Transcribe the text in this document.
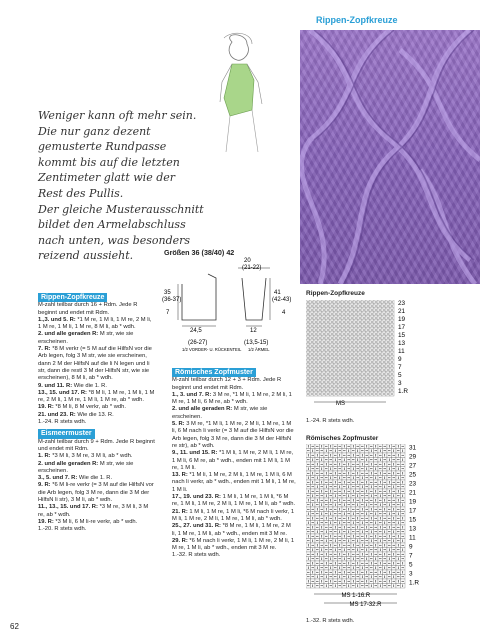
Rippen-Zopfkreuze
Weniger kann oft mehr sein.
Die nur ganz dezent
gemusterte Rundpasse
kommt bis auf die letzten
Zentimeter glatt wie der
Rest des Pullis.
Der gleiche Musterausschnitt
bildet den Armelabschluss
nach unten, was besonders
reizend aussieht.	Größen 36 (38/40) 42
20
(21-22)
35
(36-37)
7
24,5
41
(42-43)
4
12
(26-27)
1/2 VORDER- U. RÜCKENTEIL
(13,5-15)
1/2 ÄRMEL
Rippen-Zopfkreuze

M-zahl teilbar durch 16 + Rdm. Jede R beginnt und endet mit Rdm.

1.,3. und 5. R: *1 M re, 1 M li, 1 M re, 2 M li, 1 M re, 1 M li, 1 M re, 8 M li, ab * wdh.

2. und alle geraden R: M str, wie sie erscheinen.

7. R: *8 M verkr (= 5 M auf die HilfsN vor die Arb legen, folg 3 M str, wie sie erscheinen, dann 2 M der HilfsN auf die li N legen und li str, dann die restl 3 M der HilfsN str, wie sie erscheinen), 8 M li, ab * wdh.

9. und 11. R: Wie die 1. R.

13., 15. und 17. R: *8 M li, 1 M re, 1 M li, 1 M re, 2 M li, 1 M re, 1 M li, 1 M re, ab * wdh.

19. R: *8 M li, 8 M verkr, ab * wdh.

21. und 23. R: Wie die 13. R.

1.-24. R stets wdh.

Eismeermuster

M-zahl teilbar durch 9 + Rdm. Jede R beginnt und endet mit Rdm.

1. R: *3 M li, 3 M re, 3 M li, ab * wdh.

2. und alle geraden R: M str, wie sie erscheinen.

3., 5. und 7. R: Wie die 1. R.

9. R: *6 M li-re verkr (= 3 M auf die HilfsN vor die Arb legen, folg 3 M re, dann die 3 M der HilfsN li str), 3 M li, ab * wdh.

11., 13., 15. und 17. R: *3 M re, 3 M li, 3 M re, ab * wdh.

19. R: *3 M li, 6 M li-re verkr, ab * wdh.

1.-20. R stets wdh.

Römisches Zopfmuster

M-zahl teilbar durch 12 + 3 + Rdm. Jede R beginnt und endet mit Rdm.

1., 3. und 7. R: 3 M re, *1 M li, 1 M re, 2 M li, 1 M re, 1 M li, 6 M re, ab * wdh.

2. und alle geraden R: M str, wie sie erscheinen.

5. R: 3 M re, *1 M li, 1 M re, 2 M li, 1 M re, 1 M li, 6 M nach li verkr (= 3 M auf die HilfsN vor die Arb legen, folg 3 M re, dann die 3 M der HilfsN re str), ab * wdh.

9., 11. und 15. R: *1 M li, 1 M re, 2 M li, 1 M re, 1 M li, 6 M re, ab * wdh., enden mit 1 M li, 1 M re, 1 M li.

13. R: *1 M li, 1 M re, 2 M li, 1 M re, 1 M li, 6 M nach li verkr, ab * wdh., enden mit 1 M li, 1 M re, 1 M li.

17., 19. und 23. R: 1 M li, 1 M re, 1 M li, *6 M re, 1 M li, 1 M re, 2 M li, 1 M re, 1 M li, ab * wdh.

21. R: 1 M li, 1 M re, 1 M li, *6 M nach li verkr, 1 M li, 1 M re, 2 M li, 1 M re, 1 M li, ab * wdh.

25., 27. und 31. R: *8 M re, 1 M li, 1 M re, 2 M li, 1 M re, 1 M li, ab * wdh., enden mit 3 M re.

29. R: *6 M nach li verkr, 1 M li, 1 M re, 2 M li, 1 M re, 1 M li, ab * wdh., enden mit 3 M re.

1.-32. R stets wdh.

Rippen-Zopfkreuze
23
21
19
17
15
13
11
9
7
5
3
1.R
MS
1.-24. R stets wdh.
Römisches Zopfmuster
31
29
27
25
23
21
19
17
15
13
11
9
7
5
3
1.R
MS 1-16.R
MS 17-32.R
1.-32. R stets wdh.
62
